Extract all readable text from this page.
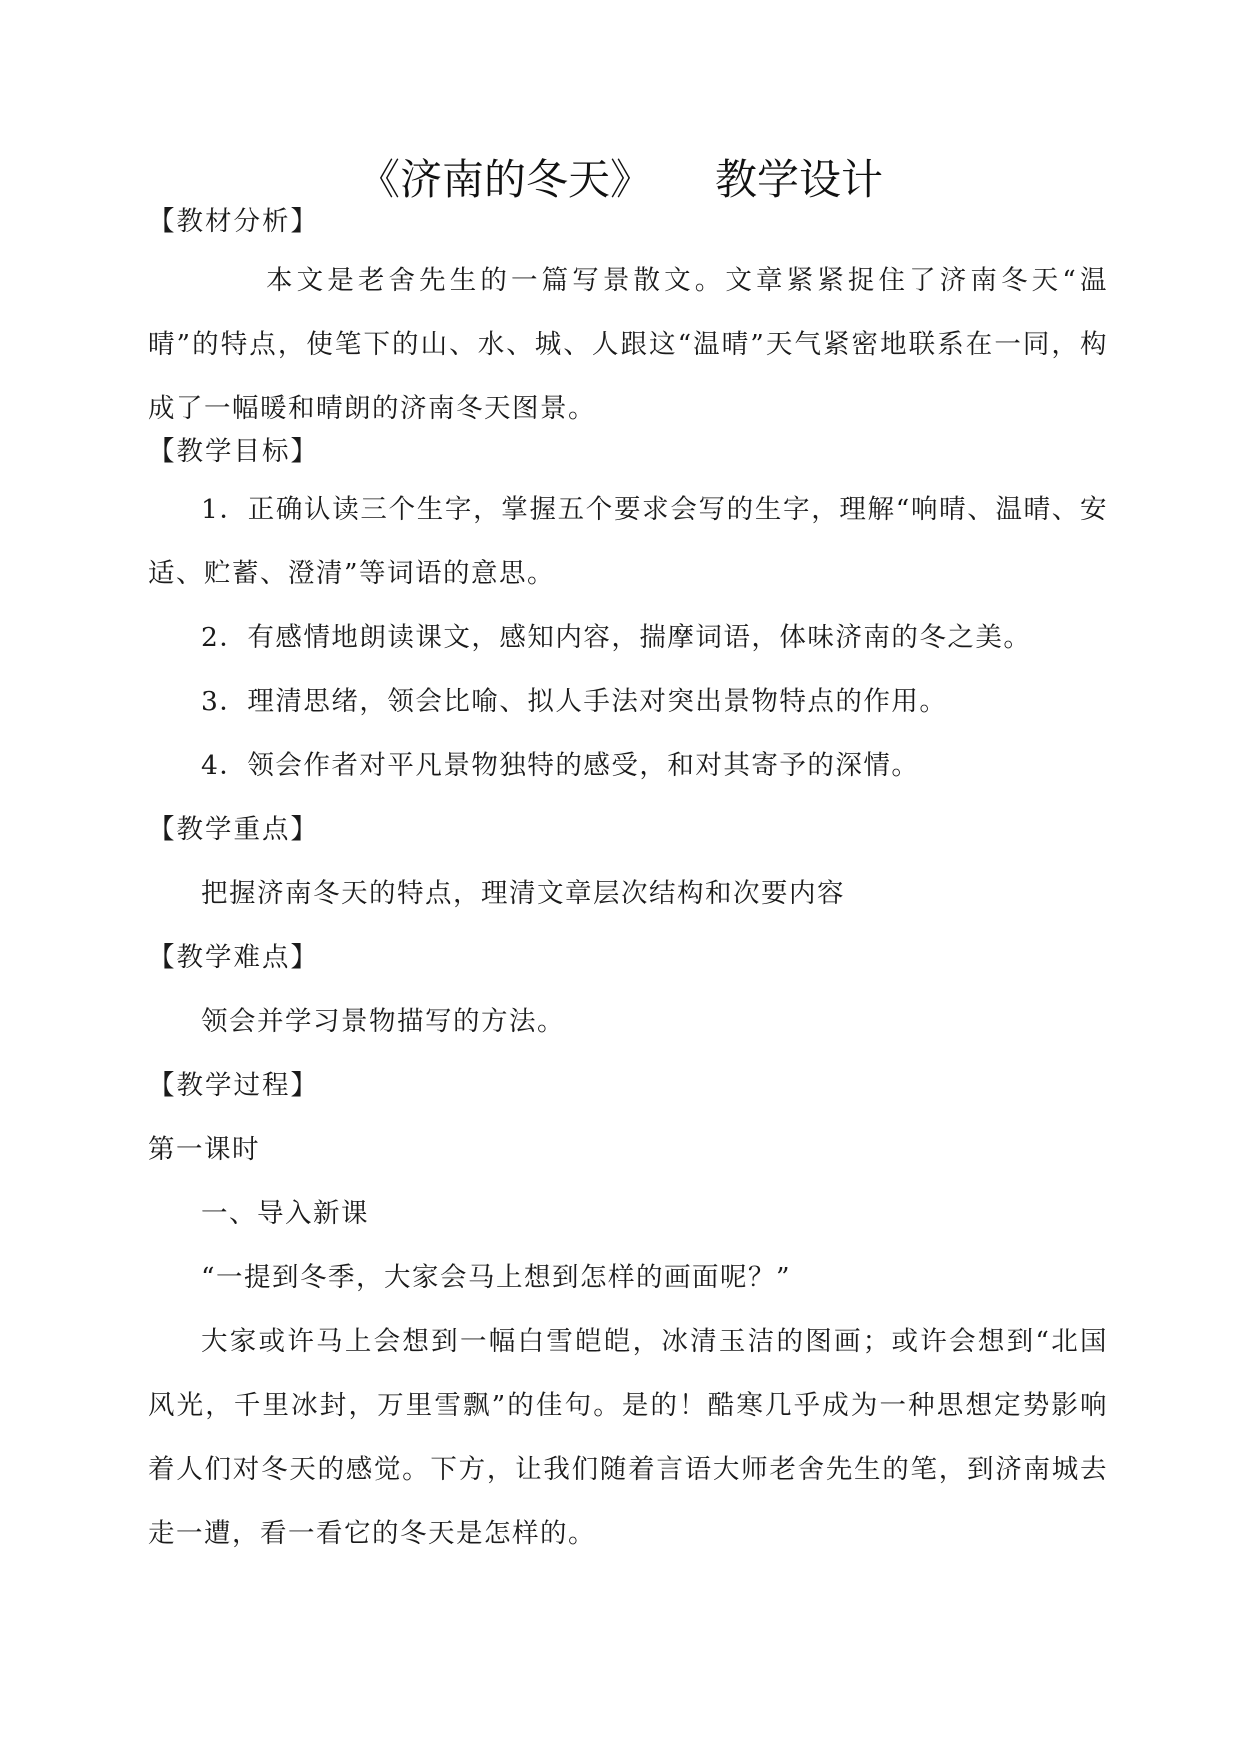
《济南的冬天》　　教学设计
【教材分析】
本文是老舍先生的一篇写景散文。文章紧紧捉住了济南冬天“温晴”的特点，使笔下的山、水、城、人跟这“温晴”天气紧密地联系在一同，构成了一幅暖和晴朗的济南冬天图景。
【教学目标】
1．正确认读三个生字，掌握五个要求会写的生字，理解“响晴、温晴、安适、贮蓄、澄清”等词语的意思。
2．有感情地朗读课文，感知内容，揣摩词语，体味济南的冬之美。
3．理清思绪，领会比喻、拟人手法对突出景物特点的作用。
4．领会作者对平凡景物独特的感受，和对其寄予的深情。
【教学重点】
把握济南冬天的特点，理清文章层次结构和次要内容
【教学难点】
领会并学习景物描写的方法。
【教学过程】
第一课时
一、导入新课
“一提到冬季，大家会马上想到怎样的画面呢？”
大家或许马上会想到一幅白雪皑皑，冰清玉洁的图画；或许会想到“北国风光，千里冰封，万里雪飘”的佳句。是的！酷寒几乎成为一种思想定势影响着人们对冬天的感觉。下方，让我们随着言语大师老舍先生的笔，到济南城去走一遭，看一看它的冬天是怎样的。
